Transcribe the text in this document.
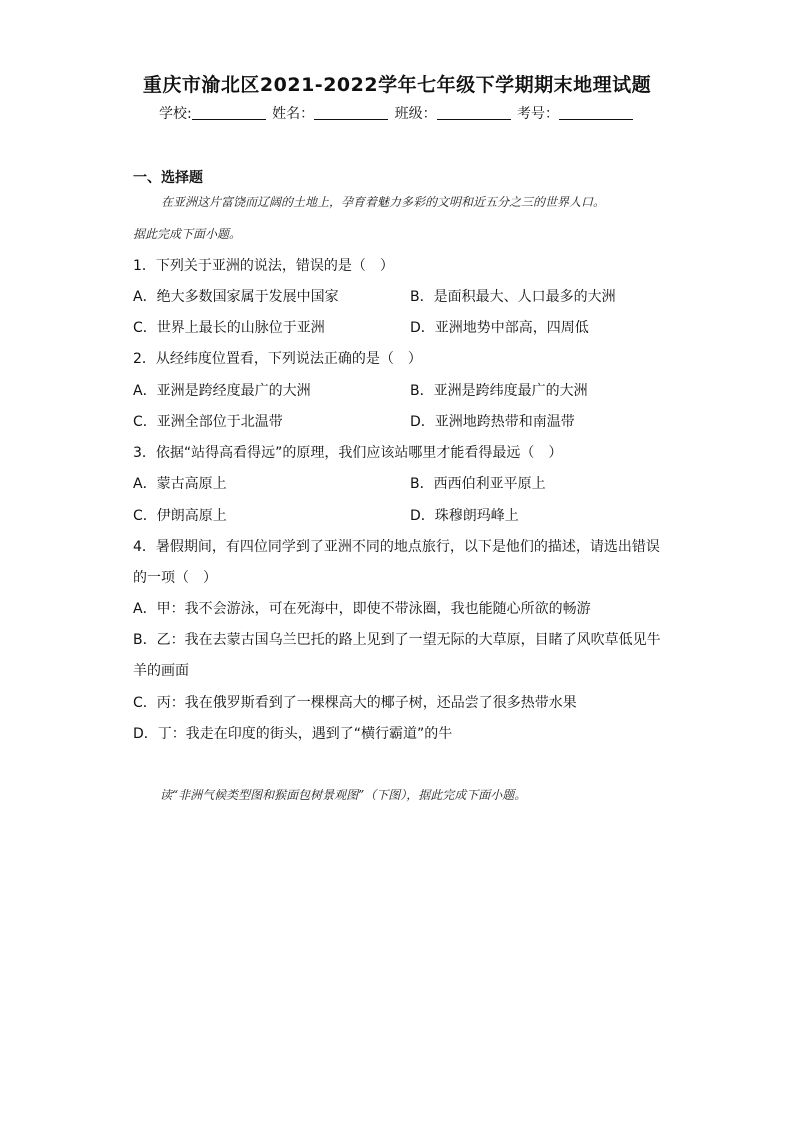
重庆市渝北区2021-2022学年七年级下学期期末地理试题
学校:	姓名：	班级：	考号：
一、选择题
在亚洲这片富饶而辽阔的土地上，孕育着魅力多彩的文明和近五分之三的世界人口。
据此完成下面小题。
1．下列关于亚洲的说法，错误的是（　）
A．绝大多数国家属于发展中国家	B．是面积最大、人口最多的大洲
C．世界上最长的山脉位于亚洲	D．亚洲地势中部高，四周低
2．从经纬度位置看，下列说法正确的是（　）
A．亚洲是跨经度最广的大洲	B．亚洲是跨纬度最广的大洲
C．亚洲全部位于北温带	D．亚洲地跨热带和南温带
3．依据“站得高看得远”的原理，我们应该站哪里才能看得最远（　）
A．蒙古高原上	B．西西伯利亚平原上
C．伊朗高原上	D．珠穆朗玛峰上
4．暑假期间，有四位同学到了亚洲不同的地点旅行，以下是他们的描述，请选出错误
的一项（　）
A．甲：我不会游泳，可在死海中，即使不带泳圈，我也能随心所欲的畅游
B．乙：我在去蒙古国乌兰巴托的路上见到了一望无际的大草原，目睹了风吹草低见牛
羊的画面
C．丙：我在俄罗斯看到了一棵棵高大的椰子树，还品尝了很多热带水果
D．丁：我走在印度的街头，遇到了“横行霸道”的牛
读“非洲气候类型图和猴面包树景观图”（下图），据此完成下面小题。
